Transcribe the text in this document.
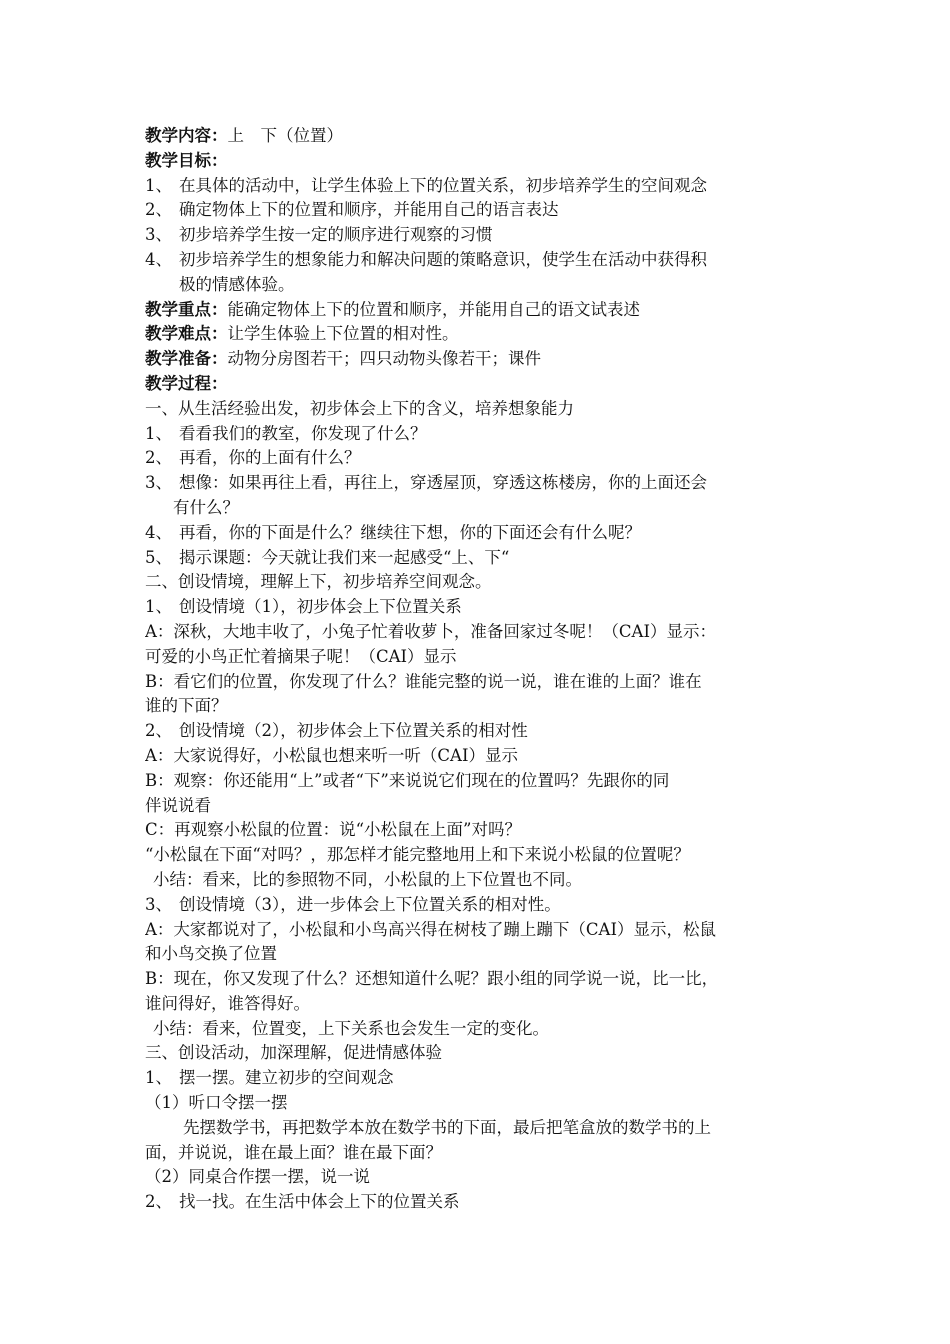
教学内容：上　下（位置）
教学目标：
1、 在具体的活动中，让学生体验上下的位置关系，初步培养学生的空间观念
2、 确定物体上下的位置和顺序，并能用自己的语言表达
3、 初步培养学生按一定的顺序进行观察的习惯
4、 初步培养学生的想象能力和解决问题的策略意识，使学生在活动中获得积
极的情感体验。
教学重点：能确定物体上下的位置和顺序，并能用自己的语文试表述
教学难点：让学生体验上下位置的相对性。
教学准备：动物分房图若干；四只动物头像若干；课件
教学过程：
一、从生活经验出发，初步体会上下的含义，培养想象能力
1、 看看我们的教室，你发现了什么？
2、 再看，你的上面有什么？
3、 想像：如果再往上看，再往上，穿透屋顶，穿透这栋楼房，你的上面还会
有什么？
4、 再看，你的下面是什么？继续往下想，你的下面还会有什么呢？
5、 揭示课题：今天就让我们来一起感受“上、下“
二、创设情境，理解上下，初步培养空间观念。
1、 创设情境（1），初步体会上下位置关系
A：深秋，大地丰收了，小兔子忙着收萝卜，准备回家过冬呢！（CAI）显示：
可爱的小鸟正忙着摘果子呢！（CAI）显示
B：看它们的位置，你发现了什么？谁能完整的说一说，谁在谁的上面？谁在
谁的下面？
2、 创设情境（2），初步体会上下位置关系的相对性
A：大家说得好，小松鼠也想来听一听（CAI）显示
B：观察：你还能用“上”或者“下”来说说它们现在的位置吗？先跟你的同
伴说说看
C：再观察小松鼠的位置：说“小松鼠在上面”对吗？
“小松鼠在下面“对吗？，那怎样才能完整地用上和下来说小松鼠的位置呢？
小结：看来，比的参照物不同，小松鼠的上下位置也不同。
3、 创设情境（3），进一步体会上下位置关系的相对性。
A：大家都说对了，小松鼠和小鸟高兴得在树枝了蹦上蹦下（CAI）显示，松鼠
和小鸟交换了位置
B：现在，你又发现了什么？还想知道什么呢？跟小组的同学说一说，比一比，
谁问得好，谁答得好。
小结：看来，位置变，上下关系也会发生一定的变化。
三、创设活动，加深理解，促进情感体验
1、 摆一摆。建立初步的空间观念
（1）听口令摆一摆
先摆数学书，再把数学本放在数学书的下面，最后把笔盒放的数学书的上
面，并说说，谁在最上面？谁在最下面？
（2）同桌合作摆一摆，说一说
2、 找一找。在生活中体会上下的位置关系
